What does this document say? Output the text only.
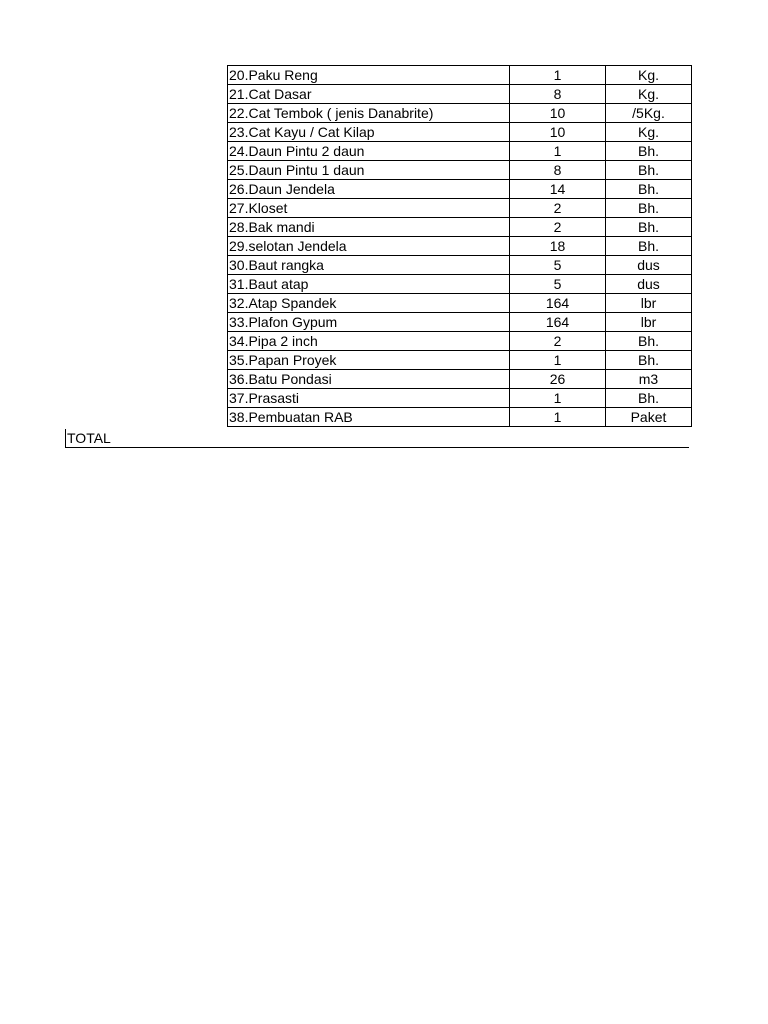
20.Paku Reng	1	Kg.
21.Cat Dasar	8	Kg.
22.Cat Tembok ( jenis Danabrite)	10	/5Kg.
23.Cat Kayu / Cat Kilap	10	Kg.
24.Daun Pintu 2 daun	1	Bh.
25.Daun Pintu 1 daun	8	Bh.
26.Daun Jendela	14	Bh.
27.Kloset	2	Bh.
28.Bak mandi	2	Bh.
29.selotan Jendela	18	Bh.
30.Baut rangka	5	dus
31.Baut atap	5	dus
32.Atap Spandek	164	lbr
33.Plafon Gypum	164	lbr
34.Pipa 2 inch	2	Bh.
35.Papan Proyek	1	Bh.
36.Batu Pondasi	26	m3
37.Prasasti	1	Bh.
38.Pembuatan RAB	1	Paket
TOTAL
